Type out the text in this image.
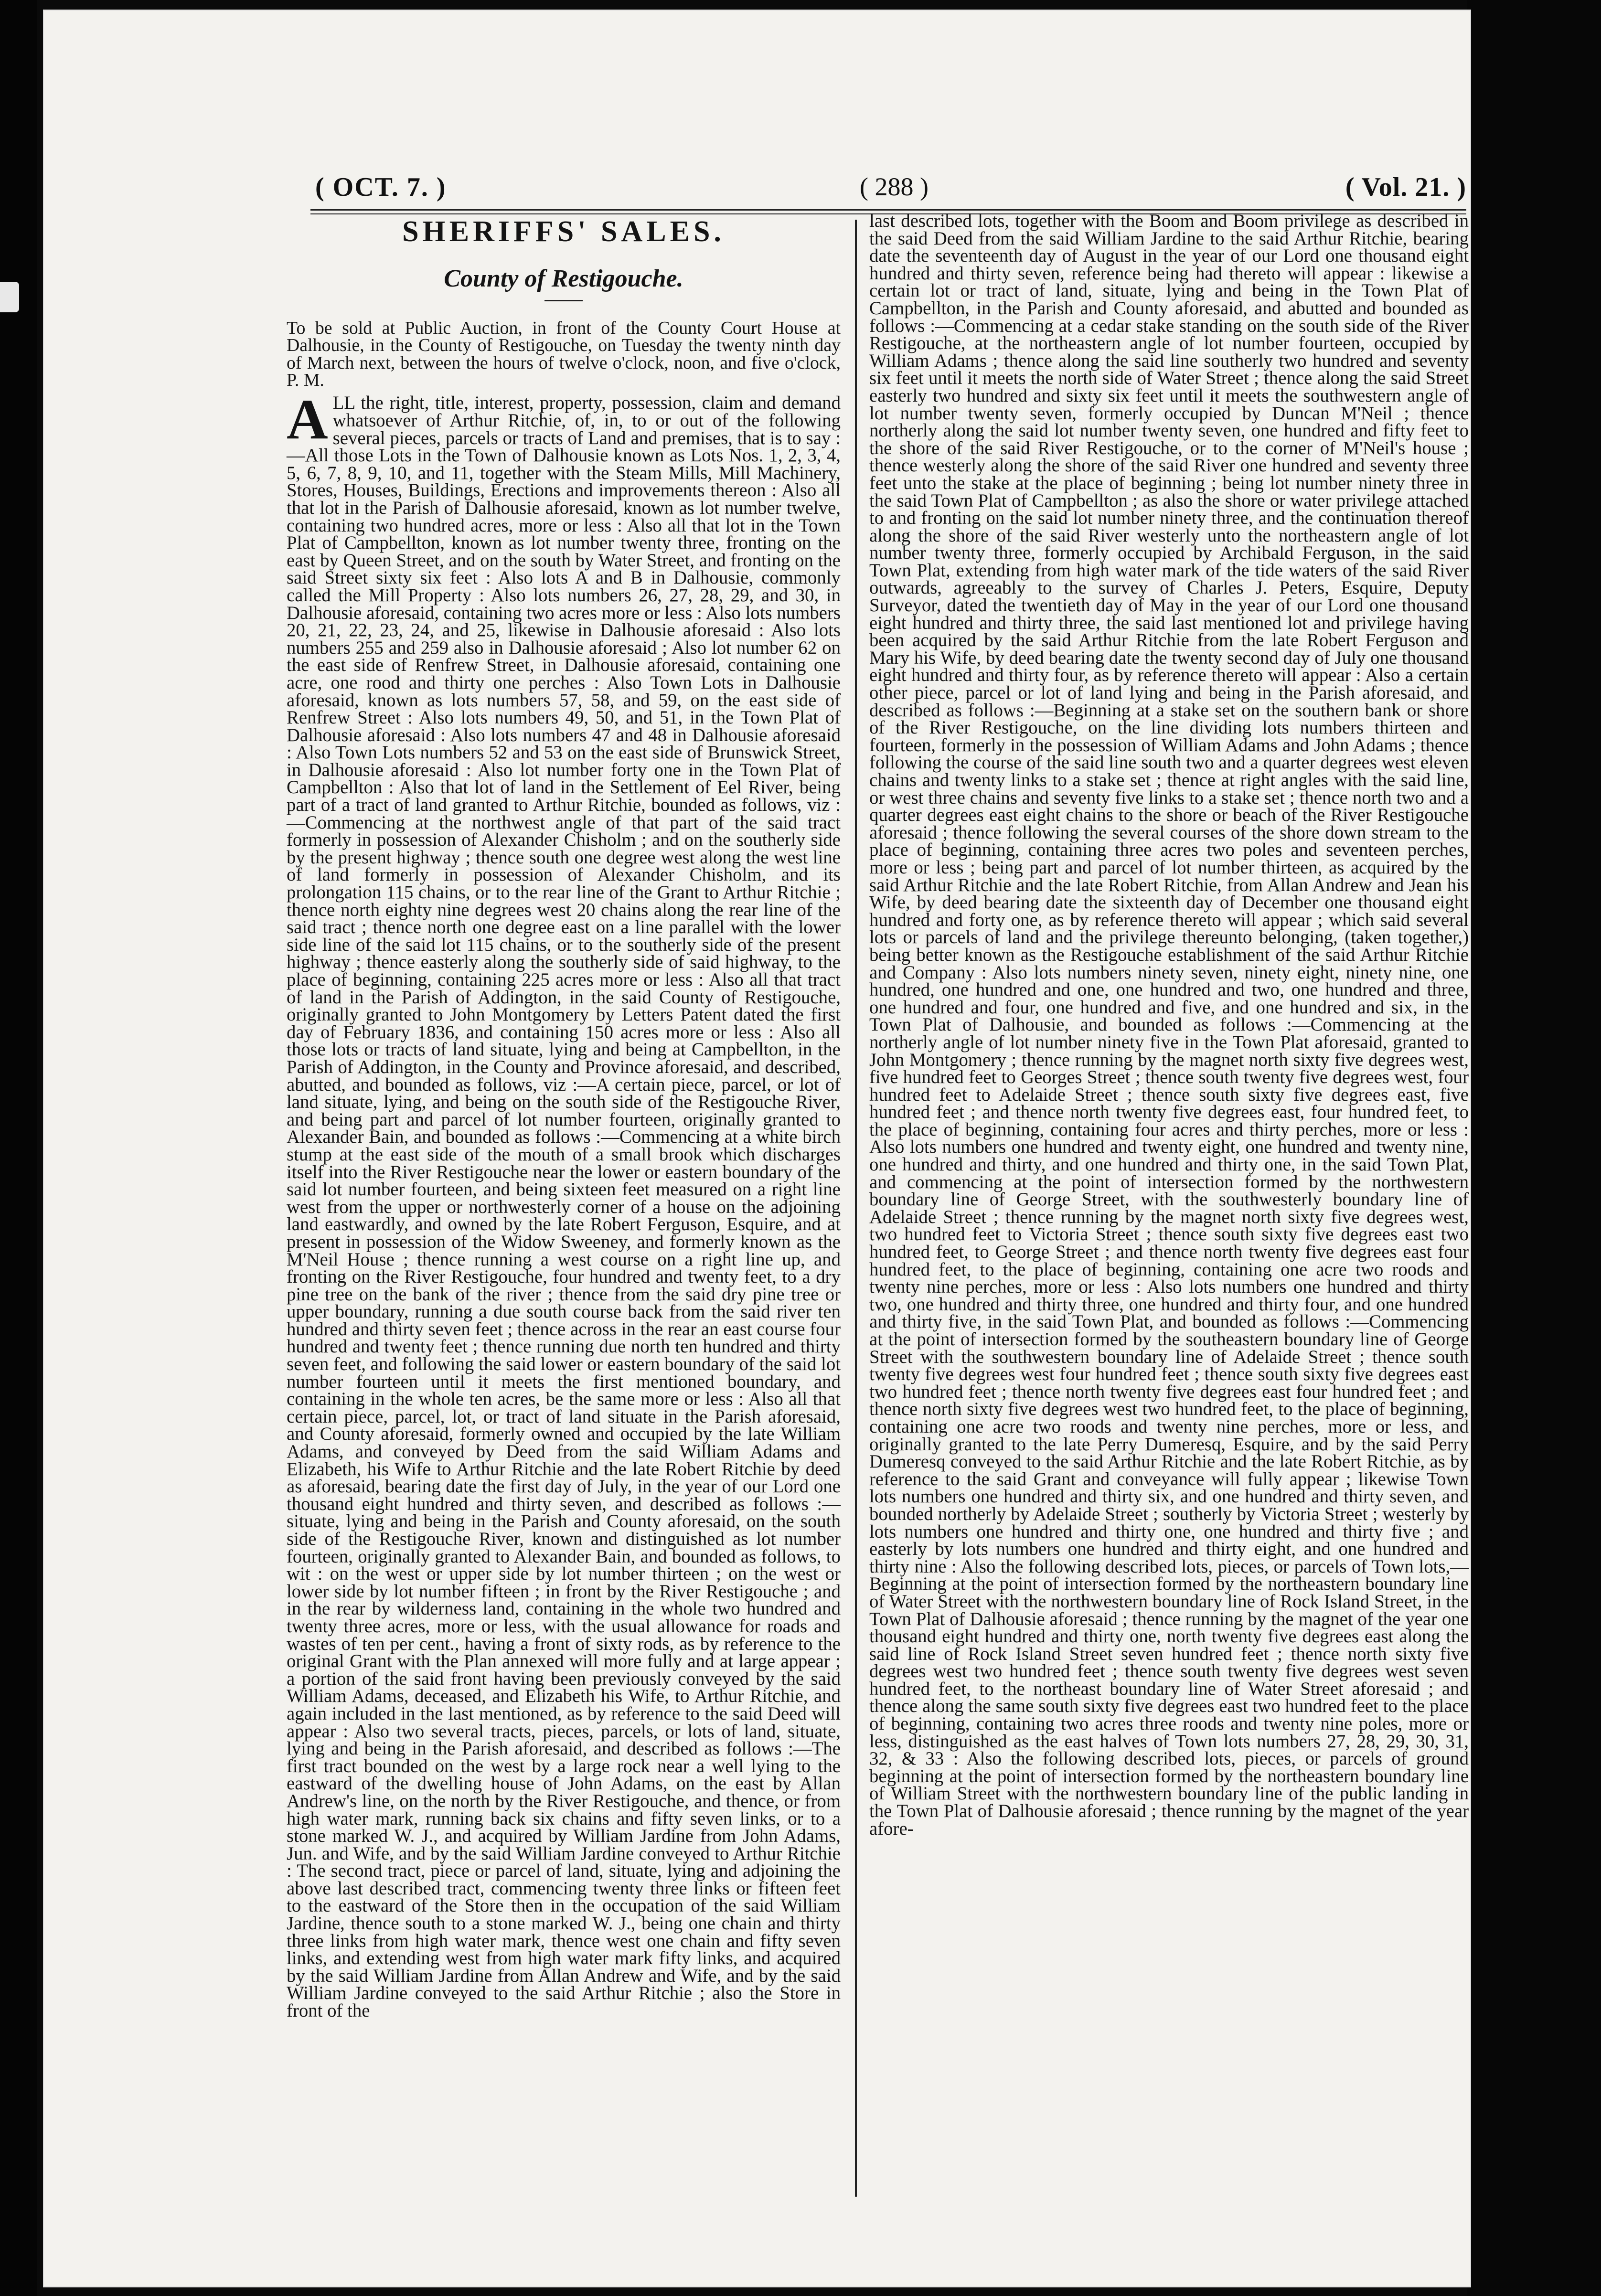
( OCT. 7. )	( 288 )	( Vol. 21. )
SHERIFFS' SALES.
County of Restigouche.

To be sold at Public Auction, in front of the County Court House at Dalhousie, in the County of Restigouche, on Tuesday the twenty ninth day of March next, between the hours of twelve o'clock, noon, and five o'clock, P. M.

ALL the right, title, interest, property, possession, claim and demand whatsoever of Arthur Ritchie, of, in, to or out of the following several pieces, parcels or tracts of Land and premises, that is to say :—All those Lots in the Town of Dalhousie known as Lots Nos. 1, 2, 3, 4, 5, 6, 7, 8, 9, 10, and 11, together with the Steam Mills, Mill Machinery, Stores, Houses, Buildings, Erections and improvements thereon : Also all that lot in the Parish of Dalhousie aforesaid, known as lot number twelve, containing two hundred acres, more or less : Also all that lot in the Town Plat of Campbellton, known as lot number twenty three, fronting on the east by Queen Street, and on the south by Water Street, and fronting on the said Street sixty six feet : Also lots A and B in Dalhousie, commonly called the Mill Property : Also lots numbers 26, 27, 28, 29, and 30, in Dalhousie aforesaid, containing two acres more or less : Also lots numbers 20, 21, 22, 23, 24, and 25, likewise in Dalhousie aforesaid : Also lots numbers 255 and 259 also in Dalhousie aforesaid ; Also lot number 62 on the east side of Renfrew Street, in Dalhousie aforesaid, containing one acre, one rood and thirty one perches : Also Town Lots in Dalhousie aforesaid, known as lots numbers 57, 58, and 59, on the east side of Renfrew Street : Also lots numbers 49, 50, and 51, in the Town Plat of Dalhousie aforesaid : Also lots numbers 47 and 48 in Dalhousie aforesaid : Also Town Lots numbers 52 and 53 on the east side of Brunswick Street, in Dalhousie aforesaid : Also lot number forty one in the Town Plat of Campbellton : Also that lot of land in the Settlement of Eel River, being part of a tract of land granted to Arthur Ritchie, bounded as follows, viz :—Commencing at the northwest angle of that part of the said tract formerly in possession of Alexander Chisholm ; and on the southerly side by the present highway ; thence south one degree west along the west line of land formerly in possession of Alexander Chisholm, and its prolongation 115 chains, or to the rear line of the Grant to Arthur Ritchie ; thence north eighty nine degrees west 20 chains along the rear line of the said tract ; thence north one degree east on a line parallel with the lower side line of the said lot 115 chains, or to the southerly side of the present highway ; thence easterly along the southerly side of said highway, to the place of beginning, containing 225 acres more or less : Also all that tract of land in the Parish of Addington, in the said County of Restigouche, originally granted to John Montgomery by Letters Patent dated the first day of February 1836, and containing 150 acres more or less : Also all those lots or tracts of land situate, lying and being at Campbellton, in the Parish of Addington, in the County and Province aforesaid, and described, abutted, and bounded as follows, viz :—A certain piece, parcel, or lot of land situate, lying, and being on the south side of the Restigouche River, and being part and parcel of lot number fourteen, originally granted to Alexander Bain, and bounded as follows :—Commencing at a white birch stump at the east side of the mouth of a small brook which discharges itself into the River Restigouche near the lower or eastern boundary of the said lot number fourteen, and being sixteen feet measured on a right line west from the upper or northwesterly corner of a house on the adjoining land eastwardly, and owned by the late Robert Ferguson, Esquire, and at present in possession of the Widow Sweeney, and formerly known as the M'Neil House ; thence running a west course on a right line up, and fronting on the River Restigouche, four hundred and twenty feet, to a dry pine tree on the bank of the river ; thence from the said dry pine tree or upper boundary, running a due south course back from the said river ten hundred and thirty seven feet ; thence across in the rear an east course four hundred and twenty feet ; thence running due north ten hundred and thirty seven feet, and following the said lower or eastern boundary of the said lot number fourteen until it meets the first mentioned boundary, and containing in the whole ten acres, be the same more or less : Also all that certain piece, parcel, lot, or tract of land situate in the Parish aforesaid, and County aforesaid, formerly owned and occupied by the late William Adams, and conveyed by Deed from the said William Adams and Elizabeth, his Wife to Arthur Ritchie and the late Robert Ritchie by deed as aforesaid, bearing date the first day of July, in the year of our Lord one thousand eight hundred and thirty seven, and described as follows :—situate, lying and being in the Parish and County aforesaid, on the south side of the Restigouche River, known and distinguished as lot number fourteen, originally granted to Alexander Bain, and bounded as follows, to wit : on the west or upper side by lot number thirteen ; on the west or lower side by lot number fifteen ; in front by the River Restigouche ; and in the rear by wilderness land, containing in the whole two hundred and twenty three acres, more or less, with the usual allowance for roads and wastes of ten per cent., having a front of sixty rods, as by reference to the original Grant with the Plan annexed will more fully and at large appear ; a portion of the said front having been previously conveyed by the said William Adams, deceased, and Elizabeth his Wife, to Arthur Ritchie, and again included in the last mentioned, as by reference to the said Deed will appear : Also two several tracts, pieces, parcels, or lots of land, situate, lying and being in the Parish aforesaid, and described as follows :—The first tract bounded on the west by a large rock near a well lying to the eastward of the dwelling house of John Adams, on the east by Allan Andrew's line, on the north by the River Restigouche, and thence, or from high water mark, running back six chains and fifty seven links, or to a stone marked W. J., and acquired by William Jardine from John Adams, Jun. and Wife, and by the said William Jardine conveyed to Arthur Ritchie : The second tract, piece or parcel of land, situate, lying and adjoining the above last described tract, commencing twenty three links or fifteen feet to the eastward of the Store then in the occupation of the said William Jardine, thence south to a stone marked W. J., being one chain and thirty three links from high water mark, thence west one chain and fifty seven links, and extending west from high water mark fifty links, and acquired by the said William Jardine from Allan Andrew and Wife, and by the said William Jardine conveyed to the said Arthur Ritchie ; also the Store in front of the

last described lots, together with the Boom and Boom privilege as described in the said Deed from the said William Jardine to the said Arthur Ritchie, bearing date the seventeenth day of August in the year of our Lord one thousand eight hundred and thirty seven, reference being had thereto will appear : likewise a certain lot or tract of land, situate, lying and being in the Town Plat of Campbellton, in the Parish and County aforesaid, and abutted and bounded as follows :—Commencing at a cedar stake standing on the south side of the River Restigouche, at the northeastern angle of lot number fourteen, occupied by William Adams ; thence along the said line southerly two hundred and seventy six feet until it meets the north side of Water Street ; thence along the said Street easterly two hundred and sixty six feet until it meets the southwestern angle of lot number twenty seven, formerly occupied by Duncan M'Neil ; thence northerly along the said lot number twenty seven, one hundred and fifty feet to the shore of the said River Restigouche, or to the corner of M'Neil's house ; thence westerly along the shore of the said River one hundred and seventy three feet unto the stake at the place of beginning ; being lot number ninety three in the said Town Plat of Campbellton ; as also the shore or water privilege attached to and fronting on the said lot number ninety three, and the continuation thereof along the shore of the said River westerly unto the northeastern angle of lot number twenty three, formerly occupied by Archibald Ferguson, in the said Town Plat, extending from high water mark of the tide waters of the said River outwards, agreeably to the survey of Charles J. Peters, Esquire, Deputy Surveyor, dated the twentieth day of May in the year of our Lord one thousand eight hundred and thirty three, the said last mentioned lot and privilege having been acquired by the said Arthur Ritchie from the late Robert Ferguson and Mary his Wife, by deed bearing date the twenty second day of July one thousand eight hundred and thirty four, as by reference thereto will appear : Also a certain other piece, parcel or lot of land lying and being in the Parish aforesaid, and described as follows :—Beginning at a stake set on the southern bank or shore of the River Restigouche, on the line dividing lots numbers thirteen and fourteen, formerly in the possession of William Adams and John Adams ; thence following the course of the said line south two and a quarter degrees west eleven chains and twenty links to a stake set ; thence at right angles with the said line, or west three chains and seventy five links to a stake set ; thence north two and a quarter degrees east eight chains to the shore or beach of the River Restigouche aforesaid ; thence following the several courses of the shore down stream to the place of beginning, containing three acres two poles and seventeen perches, more or less ; being part and parcel of lot number thirteen, as acquired by the said Arthur Ritchie and the late Robert Ritchie, from Allan Andrew and Jean his Wife, by deed bearing date the sixteenth day of December one thousand eight hundred and forty one, as by reference thereto will appear ; which said several lots or parcels of land and the privilege thereunto belonging, (taken together,) being better known as the Restigouche establishment of the said Arthur Ritchie and Company : Also lots numbers ninety seven, ninety eight, ninety nine, one hundred, one hundred and one, one hundred and two, one hundred and three, one hundred and four, one hundred and five, and one hundred and six, in the Town Plat of Dalhousie, and bounded as follows :—Commencing at the northerly angle of lot number ninety five in the Town Plat aforesaid, granted to John Montgomery ; thence running by the magnet north sixty five degrees west, five hundred feet to Georges Street ; thence south twenty five degrees west, four hundred feet to Adelaide Street ; thence south sixty five degrees east, five hundred feet ; and thence north twenty five degrees east, four hundred feet, to the place of beginning, containing four acres and thirty perches, more or less : Also lots numbers one hundred and twenty eight, one hundred and twenty nine, one hundred and thirty, and one hundred and thirty one, in the said Town Plat, and commencing at the point of intersection formed by the northwestern boundary line of George Street, with the southwesterly boundary line of Adelaide Street ; thence running by the magnet north sixty five degrees west, two hundred feet to Victoria Street ; thence south sixty five degrees east two hundred feet, to George Street ; and thence north twenty five degrees east four hundred feet, to the place of beginning, containing one acre two roods and twenty nine perches, more or less : Also lots numbers one hundred and thirty two, one hundred and thirty three, one hundred and thirty four, and one hundred and thirty five, in the said Town Plat, and bounded as follows :—Commencing at the point of intersection formed by the southeastern boundary line of George Street with the southwestern boundary line of Adelaide Street ; thence south twenty five degrees west four hundred feet ; thence south sixty five degrees east two hundred feet ; thence north twenty five degrees east four hundred feet ; and thence north sixty five degrees west two hundred feet, to the place of beginning, containing one acre two roods and twenty nine perches, more or less, and originally granted to the late Perry Dumeresq, Esquire, and by the said Perry Dumeresq conveyed to the said Arthur Ritchie and the late Robert Ritchie, as by reference to the said Grant and conveyance will fully appear ; likewise Town lots numbers one hundred and thirty six, and one hundred and thirty seven, and bounded northerly by Adelaide Street ; southerly by Victoria Street ; westerly by lots numbers one hundred and thirty one, one hundred and thirty five ; and easterly by lots numbers one hundred and thirty eight, and one hundred and thirty nine : Also the following described lots, pieces, or parcels of Town lots,—Beginning at the point of intersection formed by the northeastern boundary line of Water Street with the northwestern boundary line of Rock Island Street, in the Town Plat of Dalhousie aforesaid ; thence running by the magnet of the year one thousand eight hundred and thirty one, north twenty five degrees east along the said line of Rock Island Street seven hundred feet ; thence north sixty five degrees west two hundred feet ; thence south twenty five degrees west seven hundred feet, to the northeast boundary line of Water Street aforesaid ; and thence along the same south sixty five degrees east two hundred feet to the place of beginning, containing two acres three roods and twenty nine poles, more or less, distinguished as the east halves of Town lots numbers 27, 28, 29, 30, 31, 32, & 33 : Also the following described lots, pieces, or parcels of ground beginning at the point of intersection formed by the northeastern boundary line of William Street with the northwestern boundary line of the public landing in the Town Plat of Dalhousie aforesaid ; thence running by the magnet of the year afore-
